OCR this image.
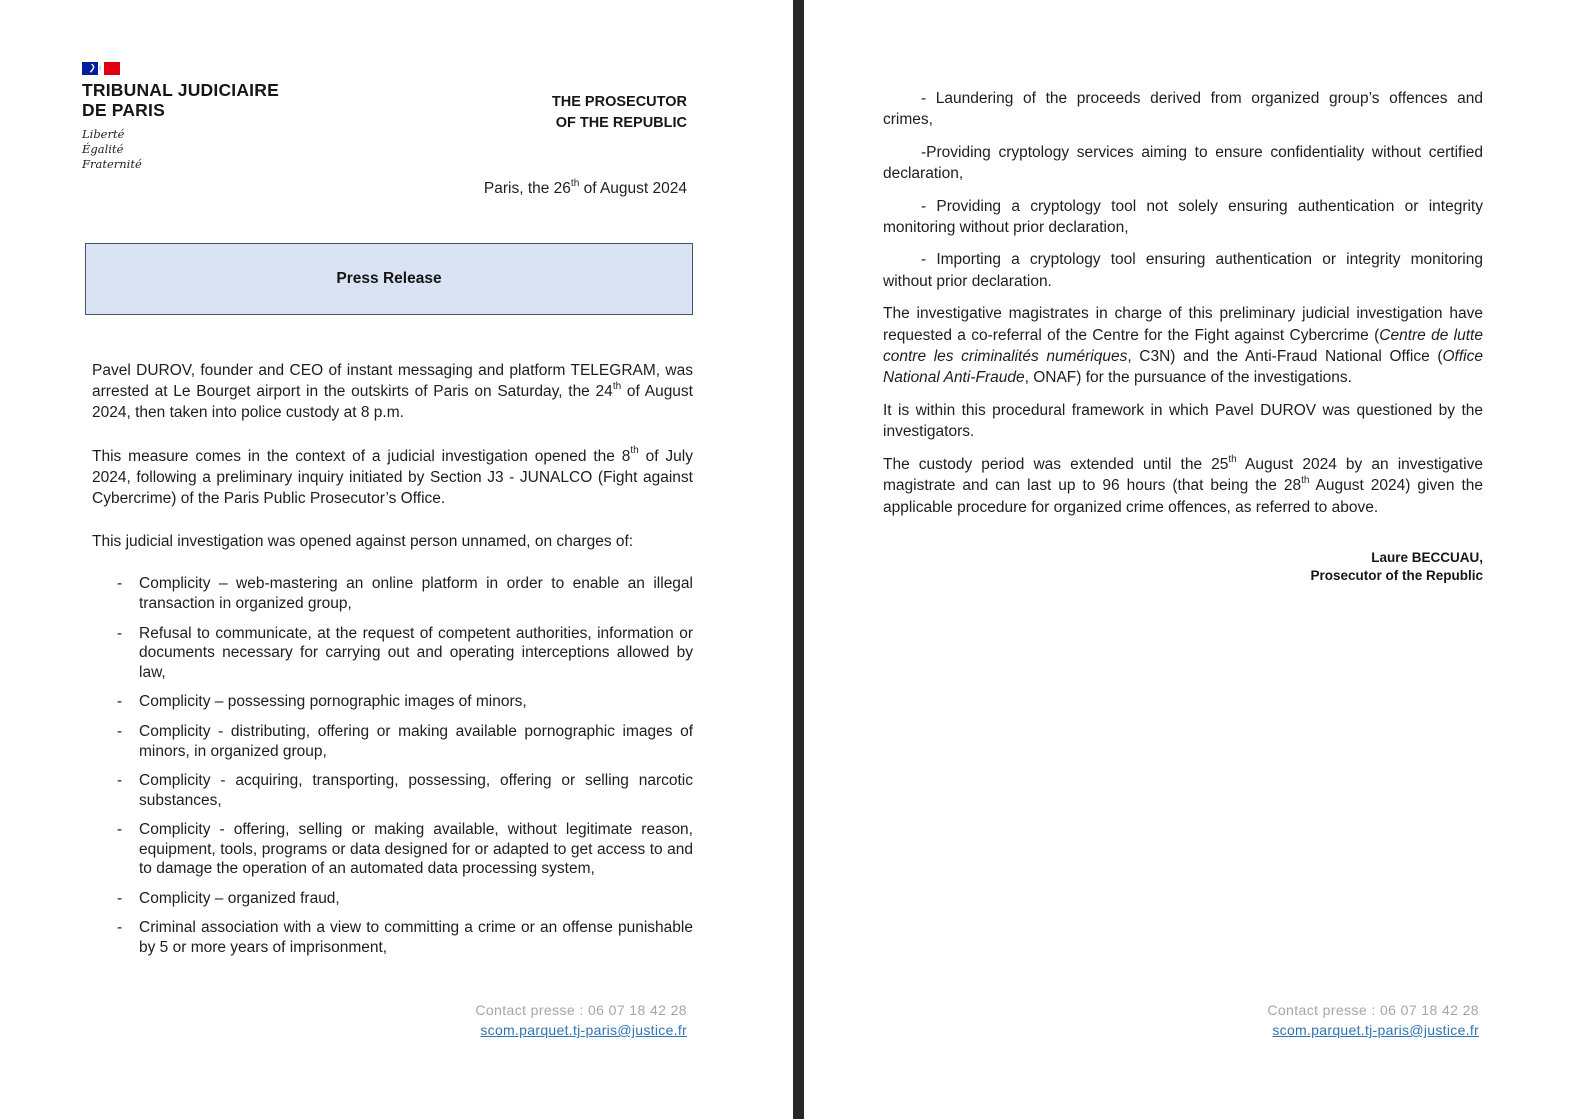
TRIBUNAL JUDICIAIRE
DE PARIS
Liberté
Égalité
Fraternité
THE PROSECUTOR
OF THE REPUBLIC
Paris, the 26th of August 2024
Press Release

Pavel DUROV, founder and CEO of instant messaging and platform TELEGRAM, was arrested at Le Bourget airport in the outskirts of Paris on Saturday, the 24th of August 2024, then taken into police custody at 8 p.m.

This measure comes in the context of a judicial investigation opened the 8th of July 2024, following a preliminary inquiry initiated by Section J3 - JUNALCO (Fight against Cybercrime) of the Paris Public Prosecutor’s Office.

This judicial investigation was opened against person unnamed, on charges of:

-	Complicity – web-mastering an online platform in order to enable an illegal transaction in organized group,
-	Refusal to communicate, at the request of competent authorities, information or documents necessary for carrying out and operating interceptions allowed by law,
-	Complicity – possessing pornographic images of minors,
-	Complicity - distributing, offering or making available pornographic images of minors, in organized group,
-	Complicity - acquiring, transporting, possessing, offering or selling narcotic substances,
-	Complicity - offering, selling or making available, without legitimate reason, equipment, tools, programs or data designed for or adapted to get access to and to damage the operation of an automated data processing system,
-	Complicity – organized fraud,
-	Criminal association with a view to committing a crime or an offense punishable by 5 or more years of imprisonment,
Contact presse : 06 07 18 42 28
scom.parquet.tj-paris@justice.fr

- Laundering of the proceeds derived from organized group’s offences and crimes,

-Providing cryptology services aiming to ensure confidentiality without certified declaration,

- Providing a cryptology tool not solely ensuring authentication or integrity monitoring without prior declaration,

- Importing a cryptology tool ensuring authentication or integrity monitoring without prior declaration.

The investigative magistrates in charge of this preliminary judicial investigation have requested a co-referral of the Centre for the Fight against Cybercrime (Centre de lutte contre les criminalités numériques, C3N) and the Anti-Fraud National Office (Office National Anti-Fraude, ONAF) for the pursuance of the investigations.

It is within this procedural framework in which Pavel DUROV was questioned by the investigators.

The custody period was extended until the 25th August 2024 by an investigative magistrate and can last up to 96 hours (that being the 28th August 2024) given the applicable procedure for organized crime offences, as referred to above.

Laure BECCUAU,
Prosecutor of the Republic
Contact presse : 06 07 18 42 28
scom.parquet.tj-paris@justice.fr
